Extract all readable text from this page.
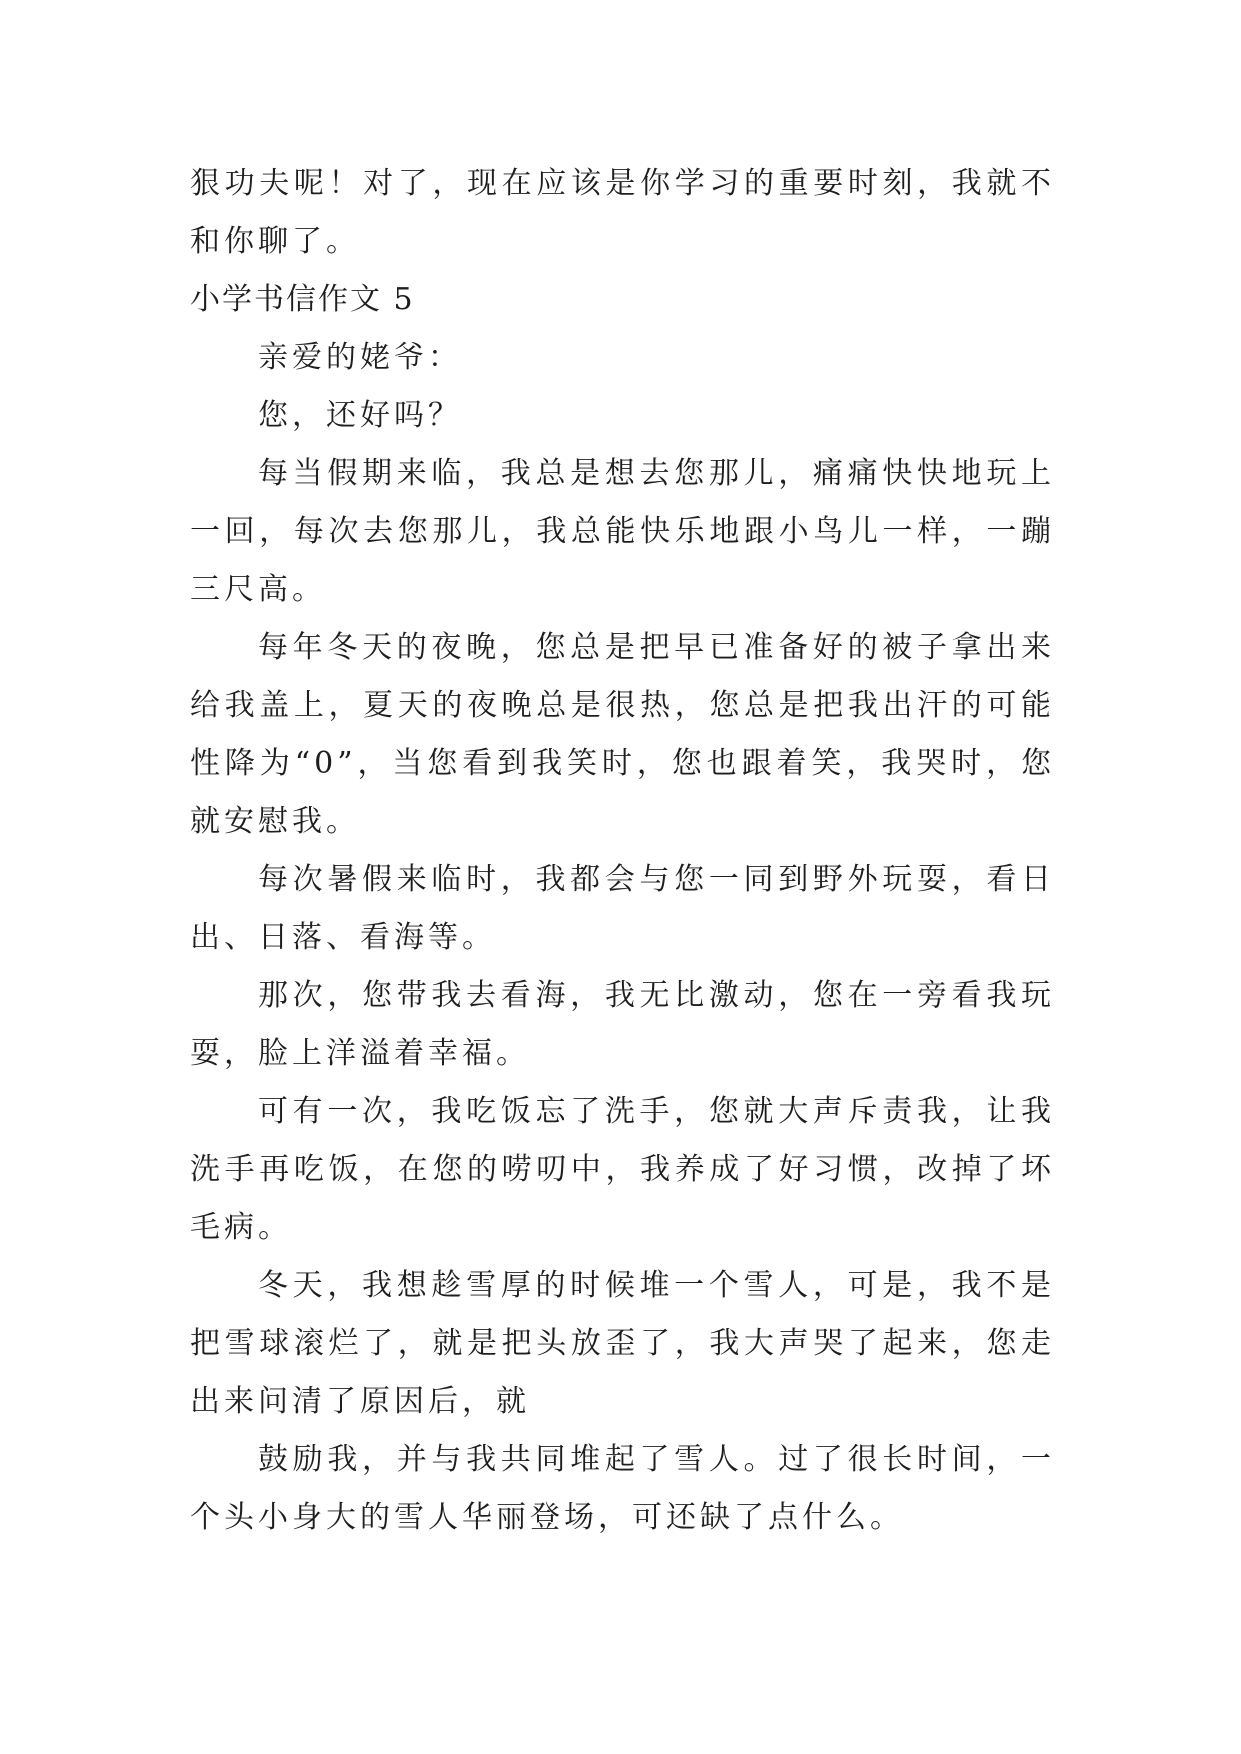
狠功夫呢！对了，现在应该是你学习的重要时刻，我就不和你聊了。

小学书信作文 5

亲爱的姥爷：

您，还好吗？

每当假期来临，我总是想去您那儿，痛痛快快地玩上一回，每次去您那儿，我总能快乐地跟小鸟儿一样，一蹦三尺高。

每年冬天的夜晚，您总是把早已准备好的被子拿出来给我盖上，夏天的夜晚总是很热，您总是把我出汗的可能性降为“0”，当您看到我笑时，您也跟着笑，我哭时，您就安慰我。

每次暑假来临时，我都会与您一同到野外玩耍，看日出、日落、看海等。

那次，您带我去看海，我无比激动，您在一旁看我玩耍，脸上洋溢着幸福。

可有一次，我吃饭忘了洗手，您就大声斥责我，让我洗手再吃饭，在您的唠叨中，我养成了好习惯，改掉了坏毛病。

冬天，我想趁雪厚的时候堆一个雪人，可是，我不是把雪球滚烂了，就是把头放歪了，我大声哭了起来，您走出来问清了原因后，就

鼓励我，并与我共同堆起了雪人。过了很长时间，一个头小身大的雪人华丽登场，可还缺了点什么。
